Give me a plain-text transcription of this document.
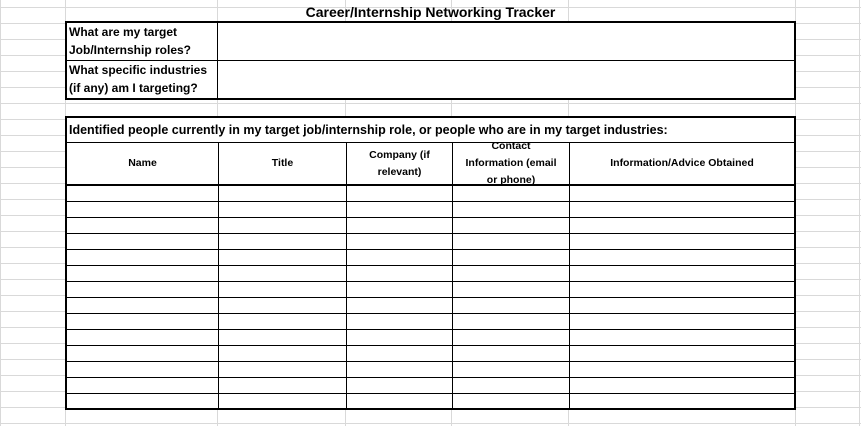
Career/Internship Networking Tracker
What are my target Job/Internship roles?
What specific industries (if any) am I targeting?
Identified people currently in my target job/internship role, or people who are in my target industries:
Name	Title
Company (if relevant)
Contact Information (email or phone)
Information/Advice Obtained
